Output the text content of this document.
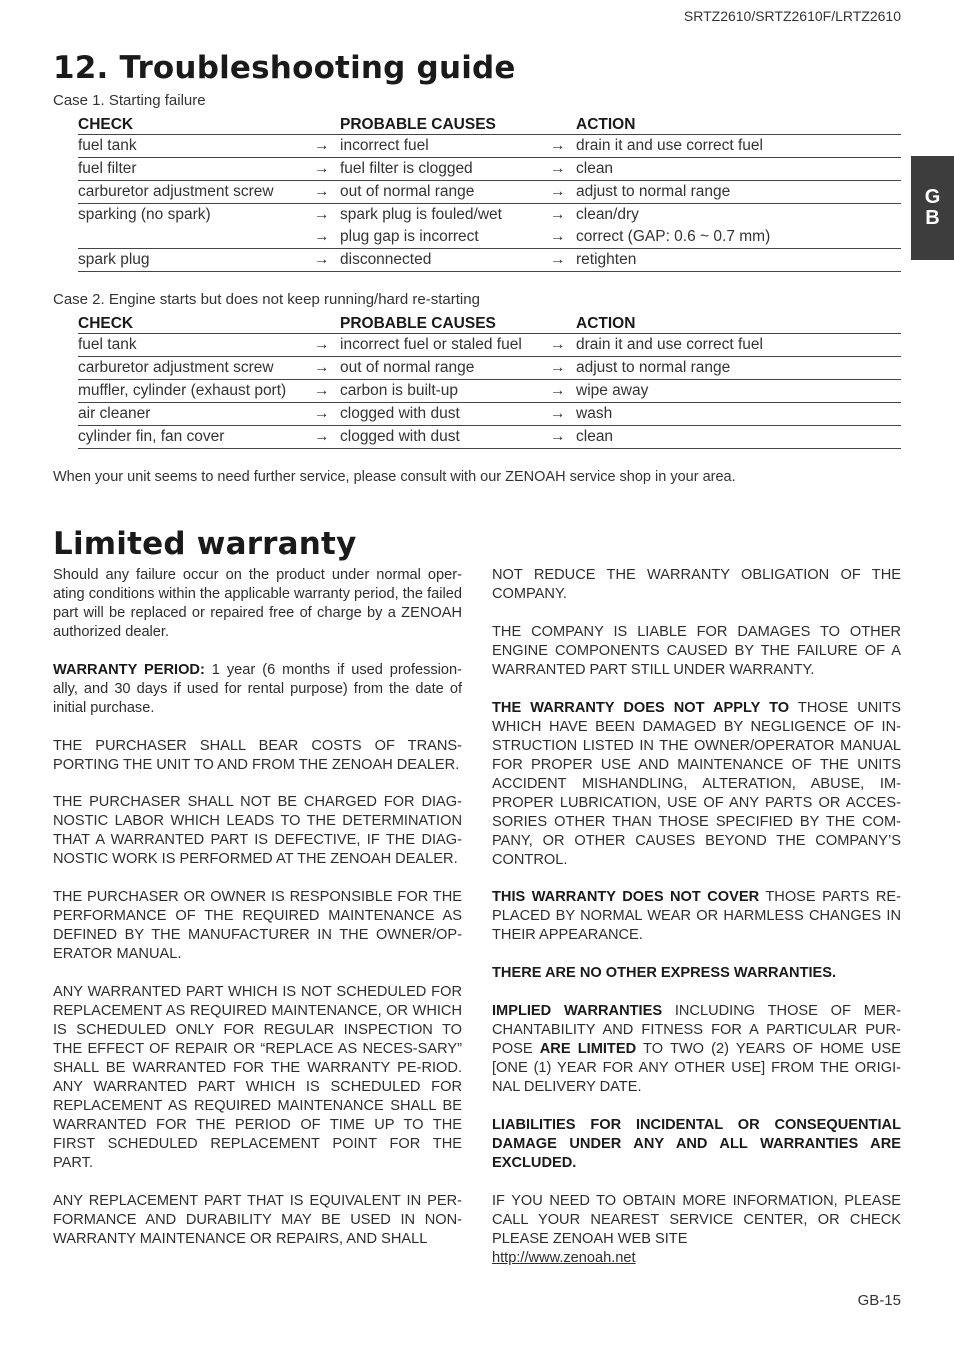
SRTZ2610/SRTZ2610F/LRTZ2610
G
B
12. Troubleshooting guide
Case 1. Starting failure
CHECK		PROBABLE CAUSES		ACTION
fuel tank	→	incorrect fuel	→	drain it and use correct fuel
fuel filter	→	fuel filter is clogged	→	clean
carburetor adjustment screw	→	out of normal range	→	adjust to normal range
sparking (no spark)	→	spark plug is fouled/wet	→	clean/dry
	→	plug gap is incorrect	→	correct (GAP: 0.6 ~ 0.7 mm)
spark plug	→	disconnected	→	retighten
Case 2. Engine starts but does not keep running/hard re-starting
CHECK		PROBABLE CAUSES		ACTION
fuel tank	→	incorrect fuel or staled fuel	→	drain it and use correct fuel
carburetor adjustment screw	→	out of normal range	→	adjust to normal range
muffler, cylinder (exhaust port)	→	carbon is built-up	→	wipe away
air cleaner	→	clogged with dust	→	wash
cylinder fin, fan cover	→	clogged with dust	→	clean
When your unit seems to need further service, please consult with our ZENOAH service shop in your area.
Limited warranty

Should any failure occur on the product under normal oper-ating conditions within the applicable warranty period, the failed part will be replaced or repaired free of charge by a ZENOAH authorized dealer.

WARRANTY PERIOD: 1 year (6 months if used profession-ally, and 30 days if used for rental purpose) from the date of initial purchase.

THE PURCHASER SHALL BEAR COSTS OF TRANS-PORTING THE UNIT TO AND FROM THE ZENOAH DEALER.

THE PURCHASER SHALL NOT BE CHARGED FOR DIAG-NOSTIC LABOR WHICH LEADS TO THE DETERMINATION THAT A WARRANTED PART IS DEFECTIVE, IF THE DIAG-NOSTIC WORK IS PERFORMED AT THE ZENOAH DEALER.

THE PURCHASER OR OWNER IS RESPONSIBLE FOR THE PERFORMANCE OF THE REQUIRED MAINTENANCE AS DEFINED BY THE MANUFACTURER IN THE OWNER/OP-ERATOR MANUAL.

ANY WARRANTED PART WHICH IS NOT SCHEDULED FOR REPLACEMENT AS REQUIRED MAINTENANCE, OR WHICH IS SCHEDULED ONLY FOR REGULAR INSPECTION TO THE EFFECT OF REPAIR OR “REPLACE AS NECES-SARY” SHALL BE WARRANTED FOR THE WARRANTY PE-RIOD. ANY WARRANTED PART WHICH IS SCHEDULED FOR REPLACEMENT AS REQUIRED MAINTENANCE SHALL BE WARRANTED FOR THE PERIOD OF TIME UP TO THE FIRST SCHEDULED REPLACEMENT POINT FOR THE PART.

ANY REPLACEMENT PART THAT IS EQUIVALENT IN PER-FORMANCE AND DURABILITY MAY BE USED IN NON-WARRANTY MAINTENANCE OR REPAIRS, AND SHALL

NOT REDUCE THE WARRANTY OBLIGATION OF THE COMPANY.

THE COMPANY IS LIABLE FOR DAMAGES TO OTHER ENGINE COMPONENTS CAUSED BY THE FAILURE OF A WARRANTED PART STILL UNDER WARRANTY.

THE WARRANTY DOES NOT APPLY TO THOSE UNITS WHICH HAVE BEEN DAMAGED BY NEGLIGENCE OF IN-STRUCTION LISTED IN THE OWNER/OPERATOR MANUAL FOR PROPER USE AND MAINTENANCE OF THE UNITS ACCIDENT MISHANDLING, ALTERATION, ABUSE, IM-PROPER LUBRICATION, USE OF ANY PARTS OR ACCES-SORIES OTHER THAN THOSE SPECIFIED BY THE COM-PANY, OR OTHER CAUSES BEYOND THE COMPANY’S CONTROL.

THIS WARRANTY DOES NOT COVER THOSE PARTS RE-PLACED BY NORMAL WEAR OR HARMLESS CHANGES IN THEIR APPEARANCE.

THERE ARE NO OTHER EXPRESS WARRANTIES.

IMPLIED WARRANTIES INCLUDING THOSE OF MER-CHANTABILITY AND FITNESS FOR A PARTICULAR PUR-POSE ARE LIMITED TO TWO (2) YEARS OF HOME USE [ONE (1) YEAR FOR ANY OTHER USE] FROM THE ORIGI-NAL DELIVERY DATE.

LIABILITIES FOR INCIDENTAL OR CONSEQUENTIAL DAMAGE UNDER ANY AND ALL WARRANTIES ARE EXCLUDED.

IF YOU NEED TO OBTAIN MORE INFORMATION, PLEASE CALL YOUR NEAREST SERVICE CENTER, OR CHECK PLEASE ZENOAH WEB SITE
http://www.zenoah.net

GB-15
